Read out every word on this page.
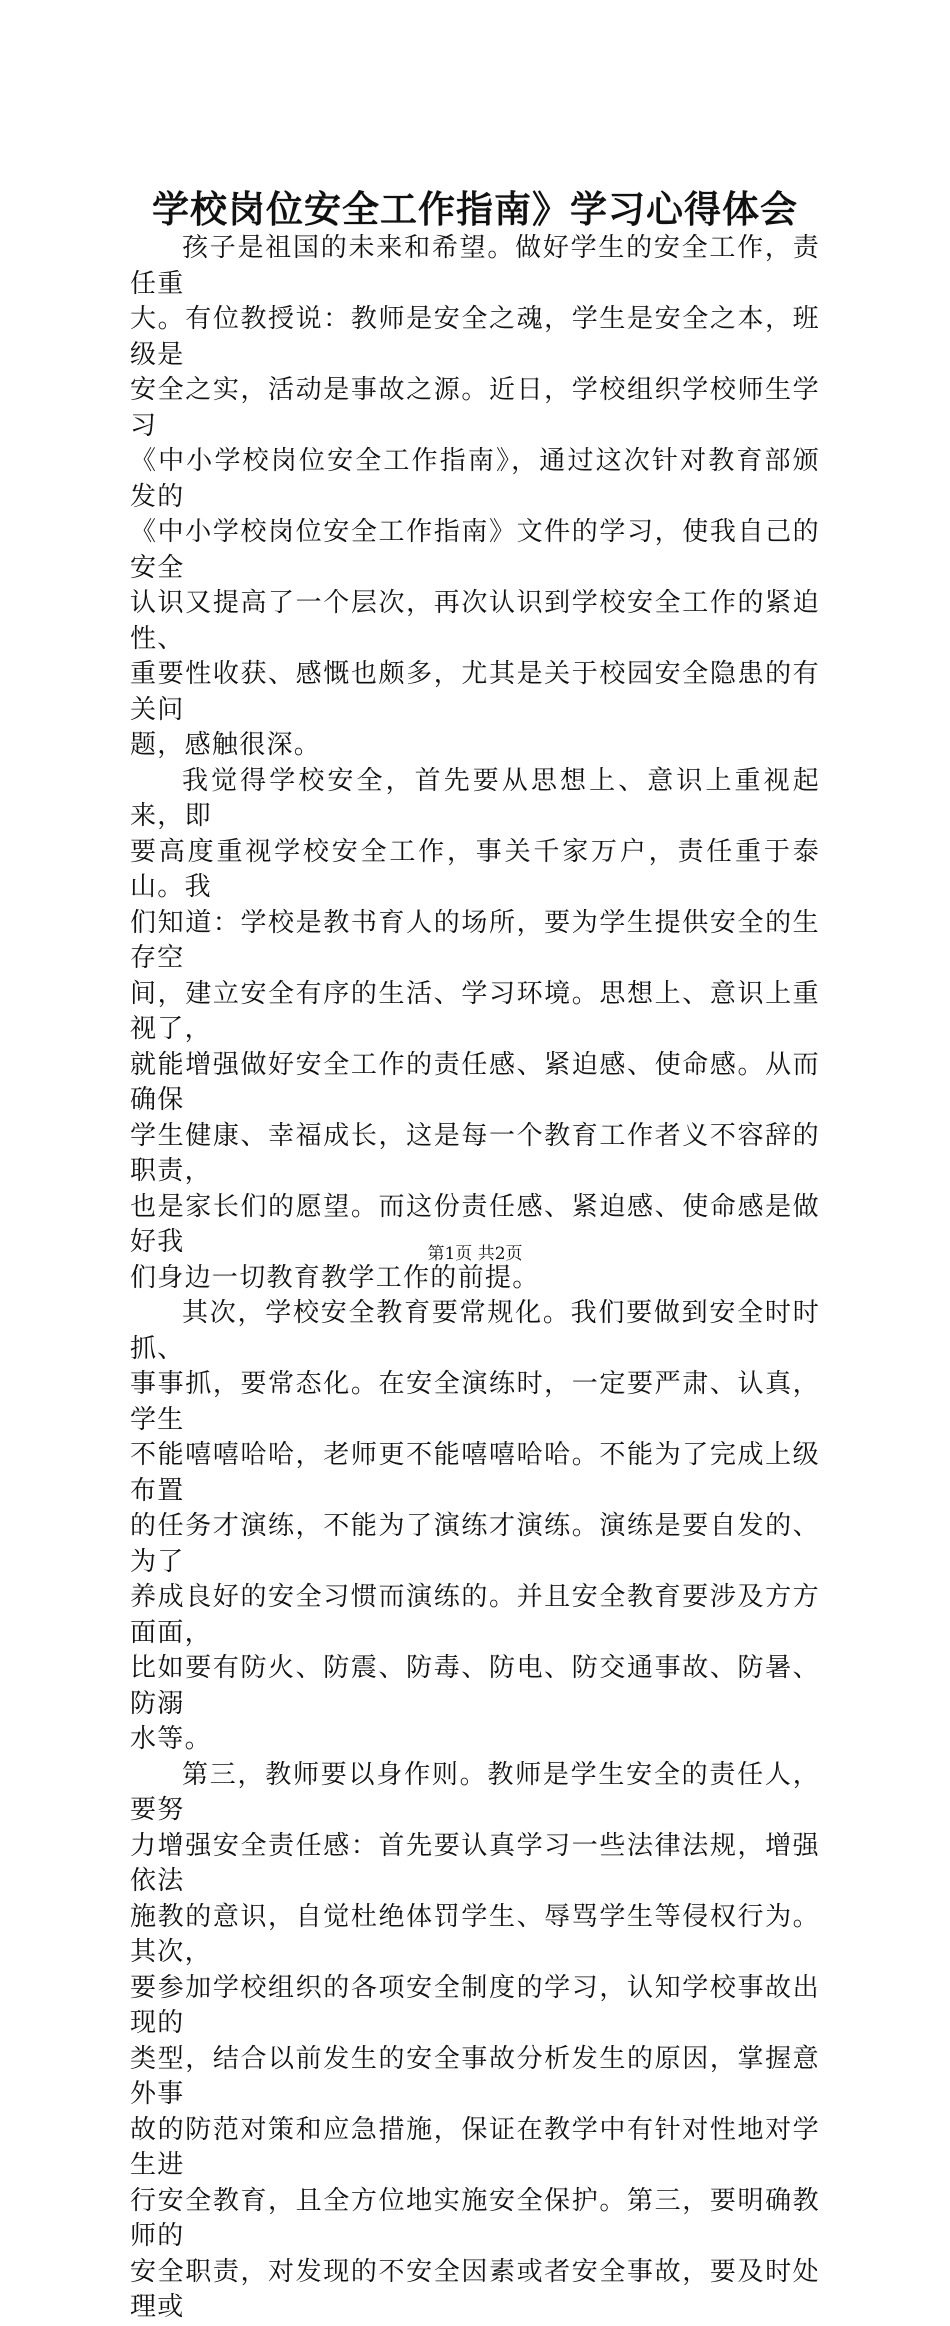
学校岗位安全工作指南》学习心得体会

孩子是祖国的未来和希望。做好学生的安全工作，责任重

大。有位教授说：教师是安全之魂，学生是安全之本，班级是

安全之实，活动是事故之源。近日，学校组织学校师生学习

《中小学校岗位安全工作指南》，通过这次针对教育部颁发的

《中小学校岗位安全工作指南》文件的学习，使我自己的安全

认识又提高了一个层次，再次认识到学校安全工作的紧迫性、

重要性收获、感慨也颇多，尤其是关于校园安全隐患的有关问

题，感触很深。

我觉得学校安全，首先要从思想上、意识上重视起来，即

要高度重视学校安全工作，事关千家万户，责任重于泰山。我

们知道：学校是教书育人的场所，要为学生提供安全的生存空

间，建立安全有序的生活、学习环境。思想上、意识上重视了，

就能增强做好安全工作的责任感、紧迫感、使命感。从而确保

学生健康、幸福成长，这是每一个教育工作者义不容辞的职责，

也是家长们的愿望。而这份责任感、紧迫感、使命感是做好我

们身边一切教育教学工作的前提。

其次，学校安全教育要常规化。我们要做到安全时时抓、

事事抓，要常态化。在安全演练时，一定要严肃、认真，学生

不能嘻嘻哈哈，老师更不能嘻嘻哈哈。不能为了完成上级布置

的任务才演练，不能为了演练才演练。演练是要自发的、为了

养成良好的安全习惯而演练的。并且安全教育要涉及方方面面，

比如要有防火、防震、防毒、防电、防交通事故、防暑、防溺

水等。

第三，教师要以身作则。教师是学生安全的责任人，要努

力增强安全责任感：首先要认真学习一些法律法规，增强依法

施教的意识，自觉杜绝体罚学生、辱骂学生等侵权行为。其次，

要参加学校组织的各项安全制度的学习，认知学校事故出现的

类型，结合以前发生的安全事故分析发生的原因，掌握意外事

故的防范对策和应急措施，保证在教学中有针对性地对学生进

行安全教育，且全方位地实施安全保护。第三，要明确教师的

安全职责，对发现的不安全因素或者安全事故，要及时处理或

第1页 共2页
